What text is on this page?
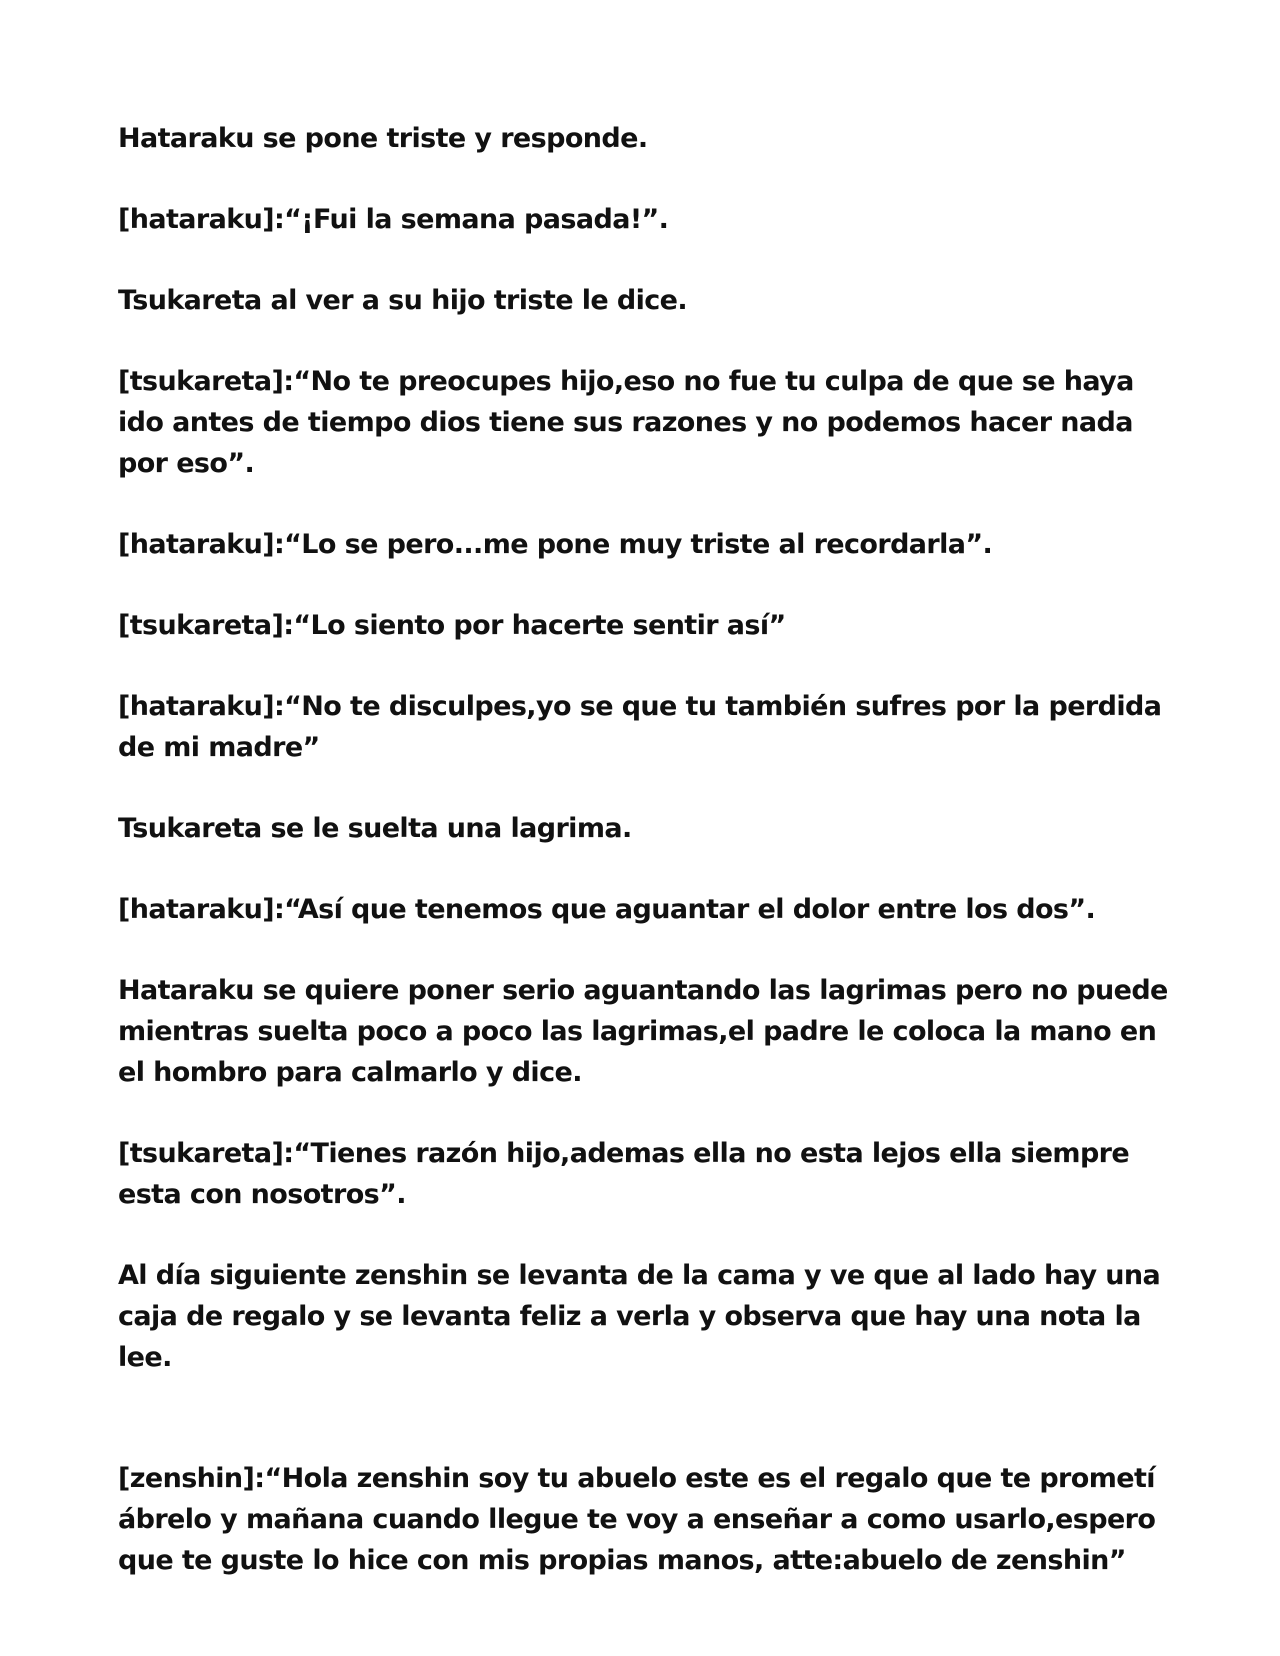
Hataraku se pone triste y responde.

[hataraku]:“¡Fui la semana pasada!”.

Tsukareta al ver a su hijo triste le dice.

[tsukareta]:“No te preocupes hijo,eso no fue tu culpa de que se haya ido antes de tiempo dios tiene sus razones y no podemos hacer nada por eso”.

[hataraku]:“Lo se pero...me pone muy triste al recordarla”.

[tsukareta]:“Lo siento por hacerte sentir así”

[hataraku]:“No te disculpes,yo se que tu también sufres por la perdida de mi madre”

Tsukareta se le suelta una lagrima.

[hataraku]:“Así que tenemos que aguantar el dolor entre los dos”.

Hataraku se quiere poner serio aguantando las lagrimas pero no puede mientras suelta poco a poco las lagrimas,el padre le coloca la mano en el hombro para calmarlo y dice.

[tsukareta]:“Tienes razón hijo,ademas ella no esta lejos ella siempre esta con nosotros”.

Al día siguiente zenshin se levanta de la cama y ve que al lado hay una caja de regalo y se levanta feliz a verla y observa que hay una nota la lee.

[zenshin]:“Hola zenshin soy tu abuelo este es el regalo que te prometí ábrelo y mañana cuando llegue te voy a enseñar a como usarlo,espero que te guste lo hice con mis propias manos, atte:abuelo de zenshin”
